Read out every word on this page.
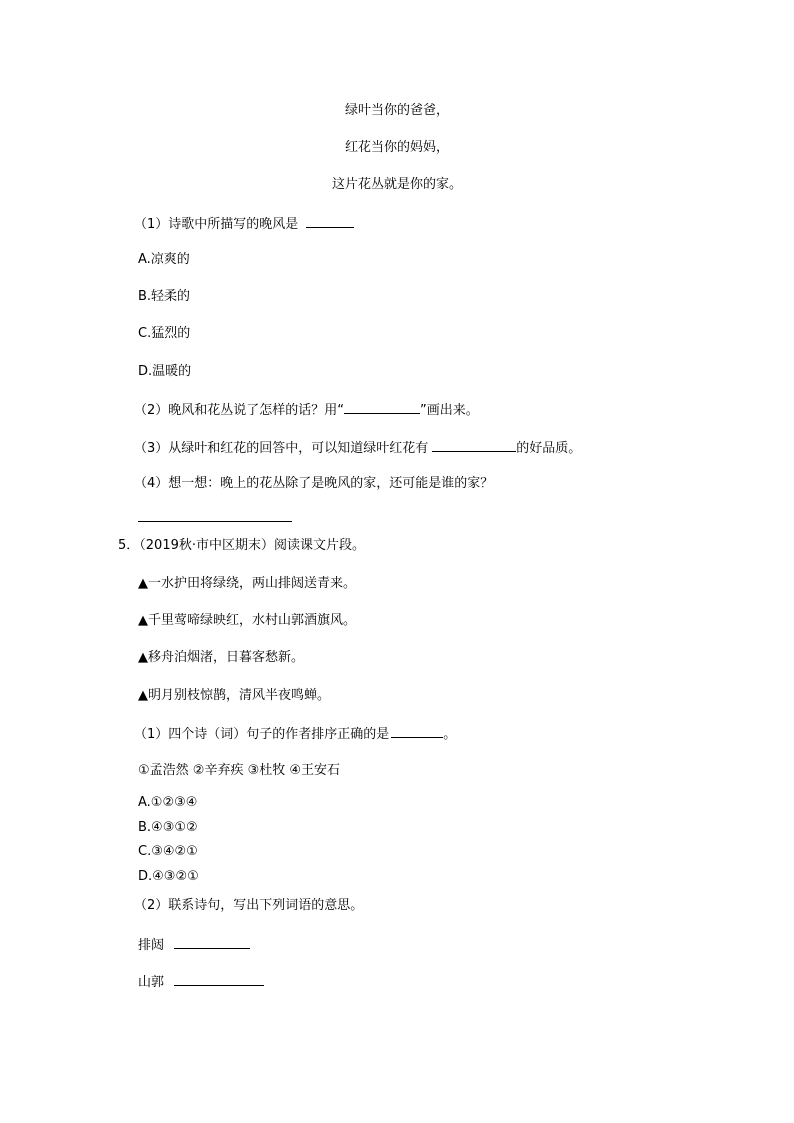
绿叶当你的爸爸，
红花当你的妈妈，
这片花丛就是你的家。
（1）诗歌中所描写的晚风是
A.凉爽的
B.轻柔的
C.猛烈的
D.温暖的
（2）晚风和花丛说了怎样的话？用“	”画出来。
（3）从绿叶和红花的回答中，可以知道绿叶红花有	的好品质。
（4）想一想：晚上的花丛除了是晚风的家，还可能是谁的家？
5．（2019秋·市中区期末）阅读课文片段。
▲一水护田将绿绕，两山排闼送青来。
▲千里莺啼绿映红，水村山郭酒旗风。
▲移舟泊烟渚，日暮客愁新。
▲明月别枝惊鹊，清风半夜鸣蝉。
（1）四个诗（词）句子的作者排序正确的是	。
①孟浩然 ②辛弃疾 ③杜牧 ④王安石
A.①②③④
B.④③①②
C.③④②①
D.④③②①
（2）联系诗句，写出下列词语的意思。
排闼
山郭
